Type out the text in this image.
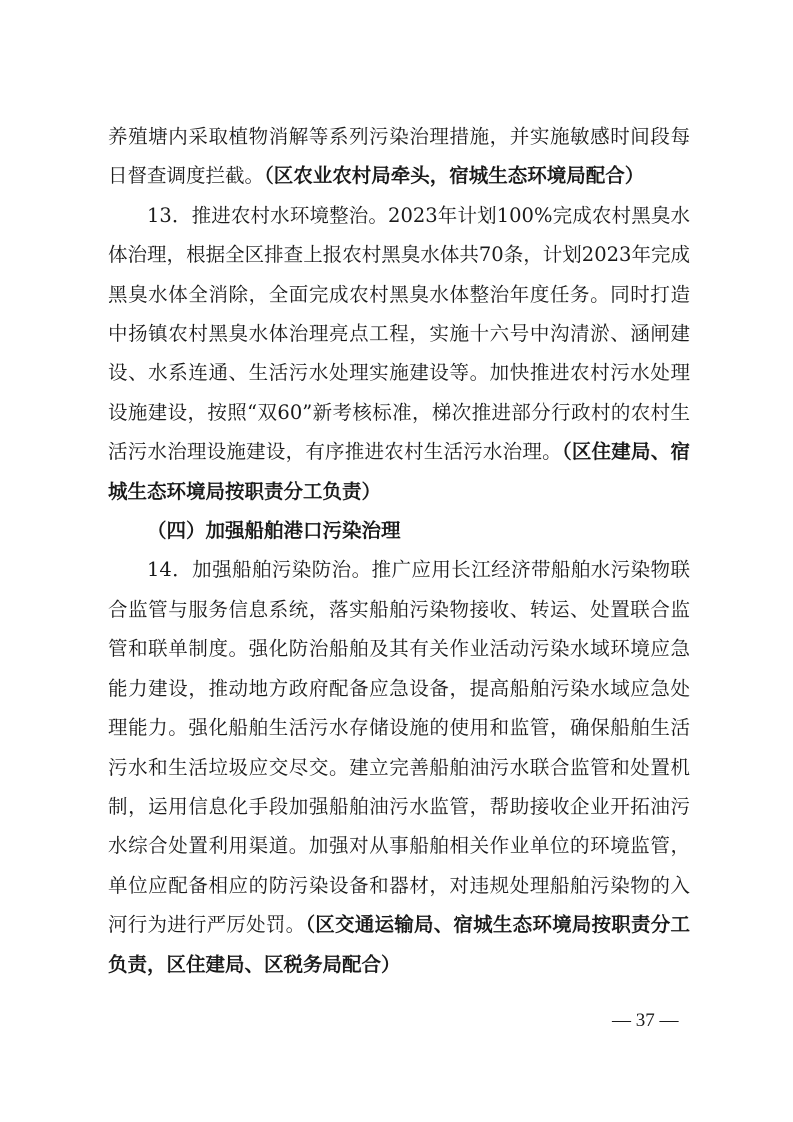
养殖塘内采取植物消解等系列污染治理措施，并实施敏感时间段每日督查调度拦截。（区农业农村局牵头，宿城生态环境局配合）

13．推进农村水环境整治。2023年计划100%完成农村黑臭水体治理，根据全区排查上报农村黑臭水体共70条，计划2023年完成黑臭水体全消除，全面完成农村黑臭水体整治年度任务。同时打造中扬镇农村黑臭水体治理亮点工程，实施十六号中沟清淤、涵闸建设、水系连通、生活污水处理实施建设等。加快推进农村污水处理设施建设，按照“双60”新考核标准，梯次推进部分行政村的农村生活污水治理设施建设，有序推进农村生活污水治理。（区住建局、宿城生态环境局按职责分工负责）

（四）加强船舶港口污染治理

14．加强船舶污染防治。推广应用长江经济带船舶水污染物联合监管与服务信息系统，落实船舶污染物接收、转运、处置联合监管和联单制度。强化防治船舶及其有关作业活动污染水域环境应急能力建设，推动地方政府配备应急设备，提高船舶污染水域应急处理能力。强化船舶生活污水存储设施的使用和监管，确保船舶生活污水和生活垃圾应交尽交。建立完善船舶油污水联合监管和处置机制，运用信息化手段加强船舶油污水监管，帮助接收企业开拓油污水综合处置利用渠道。加强对从事船舶相关作业单位的环境监管，单位应配备相应的防污染设备和器材，对违规处理船舶污染物的入河行为进行严厉处罚。（区交通运输局、宿城生态环境局按职责分工负责，区住建局、区税务局配合）

— 37 —
